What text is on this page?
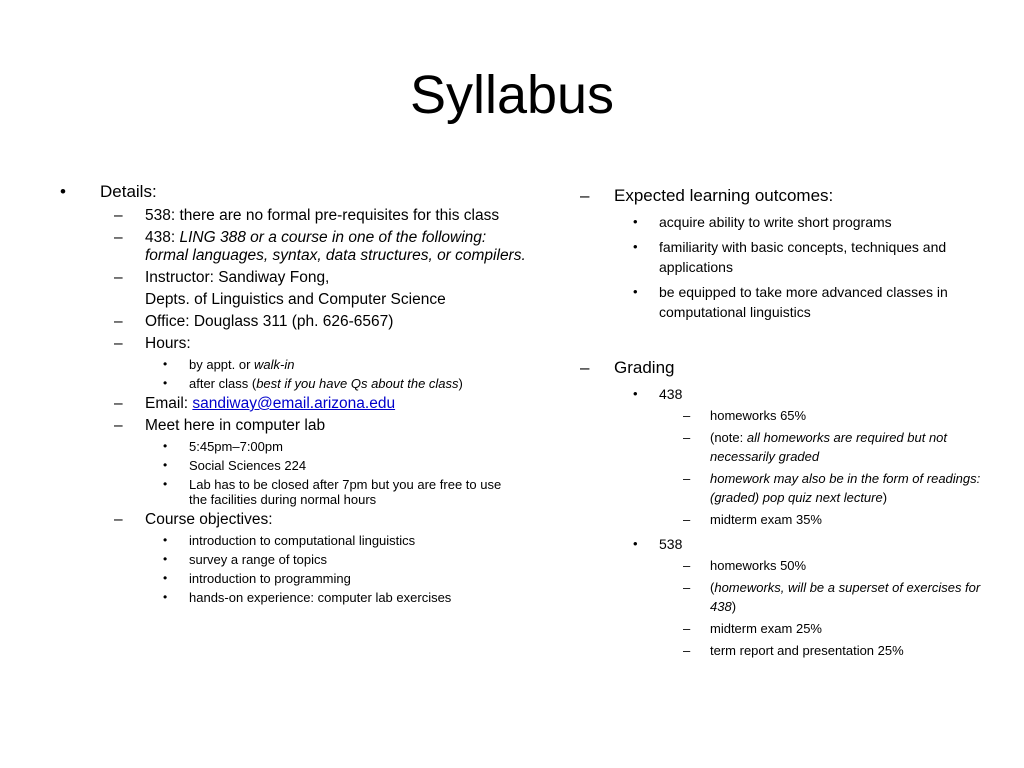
Syllabus
• Details:
– 538: there are no formal pre-requisites for this class
– 438: LING 388 or a course in one of the following: formal languages, syntax, data structures, or compilers.
– Instructor: Sandiway Fong,
Depts. of Linguistics and Computer Science
– Office: Douglass 311 (ph. 626-6567)
– Hours:
• by appt. or walk-in
• after class (best if you have Qs about the class)
– Email: sandiway@email.arizona.edu
– Meet here in computer lab
• 5:45pm–7:00pm
• Social Sciences 224
• Lab has to be closed after 7pm but you are free to use the facilities during normal hours
– Course objectives:
• introduction to computational linguistics
• survey a range of topics
• introduction to programming
• hands-on experience: computer lab exercises
– Expected learning outcomes:
• acquire ability to write short programs
• familiarity with basic concepts, techniques and applications
• be equipped to take more advanced classes in computational linguistics
– Grading
• 438
– homeworks 65%
– (note: all homeworks are required but not necessarily graded
– homework may also be in the form of readings: (graded) pop quiz next lecture)
– midterm exam 35%
• 538
– homeworks 50%
– (homeworks, will be a superset of exercises for 438)
– midterm exam 25%
– term report and presentation 25%
